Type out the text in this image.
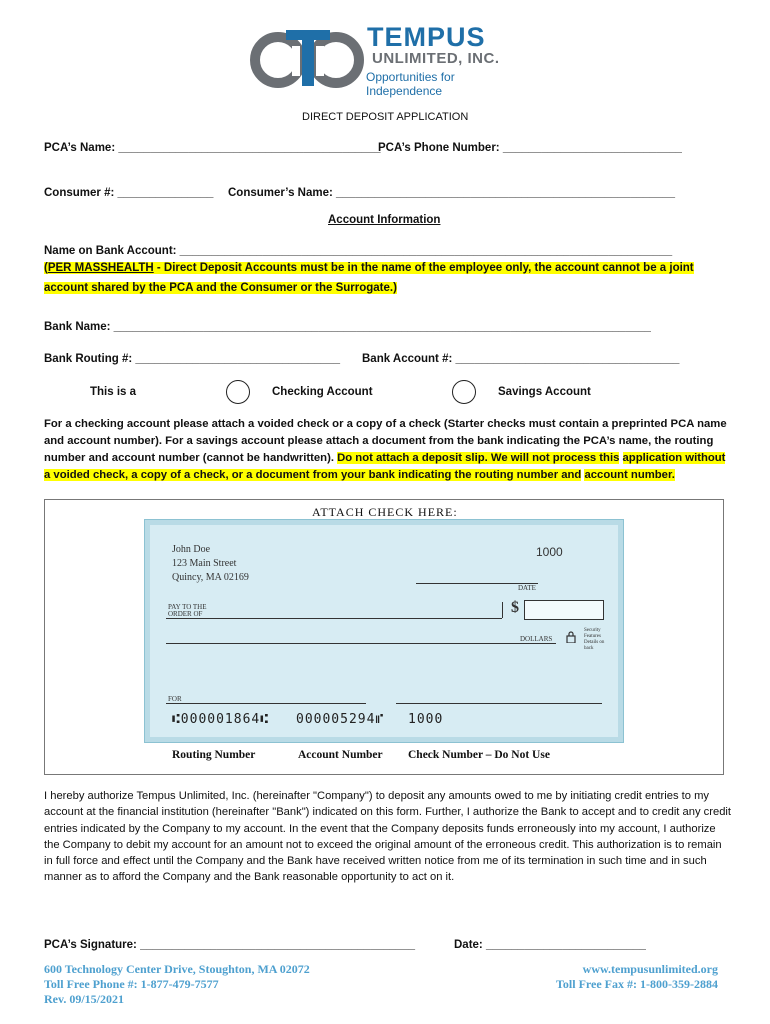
TEMPUS
UNLIMITED, INC.
Opportunities for Independence
DIRECT DEPOSIT APPLICATION
PCA’s Name: _________________________________________
PCA’s Phone Number: ____________________________
Consumer #: _______________ Consumer’s Name: _____________________________________________________
Account Information
Name on Bank Account: _____________________________________________________________________________
(PER MASSHEALTH - Direct Deposit Accounts must be in the name of the employee only, the account cannot be a joint
account shared by the PCA and the Consumer or the Surrogate.)
Bank Name: ____________________________________________________________________________________
Bank Routing #: ________________________________ Bank Account #: ___________________________________
This is a	Checking Account	Savings Account
For a checking account please attach a voided check or a copy of a check (Starter checks must contain a preprinted PCA name and account number). For a savings account please attach a document from the bank indicating the PCA’s name, the routing number and account number (cannot be handwritten). Do not attach a deposit slip. We will not process this application without a voided check, a copy of a check, or a document from your bank indicating the routing number and account number.
ATTACH CHECK HERE:
John Doe
123 Main Street
Quincy, MA 02169
1000
DATE
PAY TO THE
ORDER OF	$
DOLLARS
Security Features Details on back
FOR
⑆000001864⑆ 000005294⑈ 1000
Routing Number	Account Number Check Number – Do Not Use
I hereby authorize Tempus Unlimited, Inc. (hereinafter "Company") to deposit any amounts owed to me by initiating credit entries to my account at the financial institution (hereinafter "Bank") indicated on this form. Further, I authorize the Bank to accept and to credit any credit entries indicated by the Company to my account. In the event that the Company deposits funds erroneously into my account, I authorize the Company to debit my account for an amount not to exceed the original amount of the erroneous credit. This authorization is to remain in full force and effect until the Company and the Bank have received written notice from me of its termination in such time and in such manner as to afford the Company and the Bank reasonable opportunity to act on it.
PCA’s Signature: ___________________________________________	Date: _________________________
600 Technology Center Drive, Stoughton, MA 02072
Toll Free Phone #: 1-877-479-7577
Rev. 09/15/2021
www.tempusunlimited.org
Toll Free Fax #: 1-800-359-2884
